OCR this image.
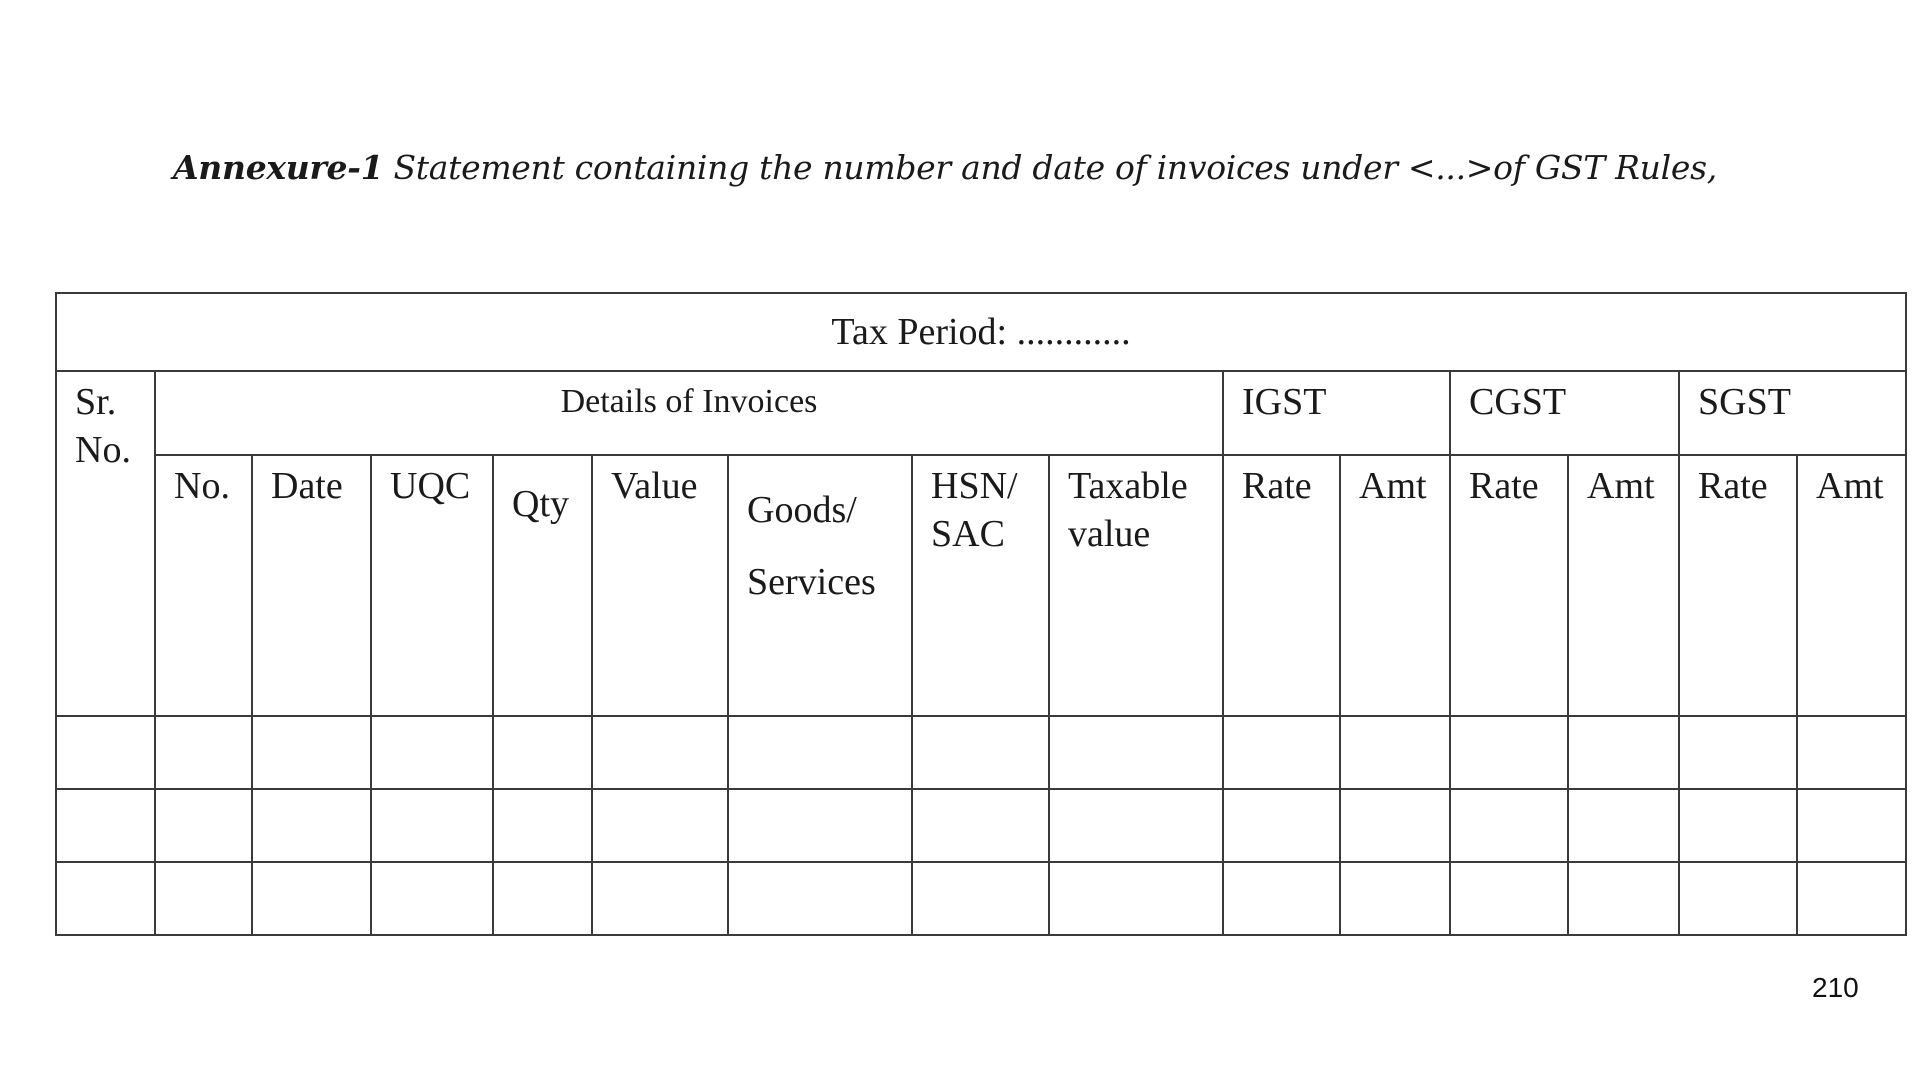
Annexure-1 Statement containing the number and date of invoices under <...>of GST Rules,
Tax Period: ............														
Sr. No.	Details of Invoices								IGST		CGST		SGST	
	No.	Date	UQC	Qty	Value	Goods/ Services	HSN/ SAC	Taxable value	Rate	Amt	Rate	Amt	Rate	Amt

210
